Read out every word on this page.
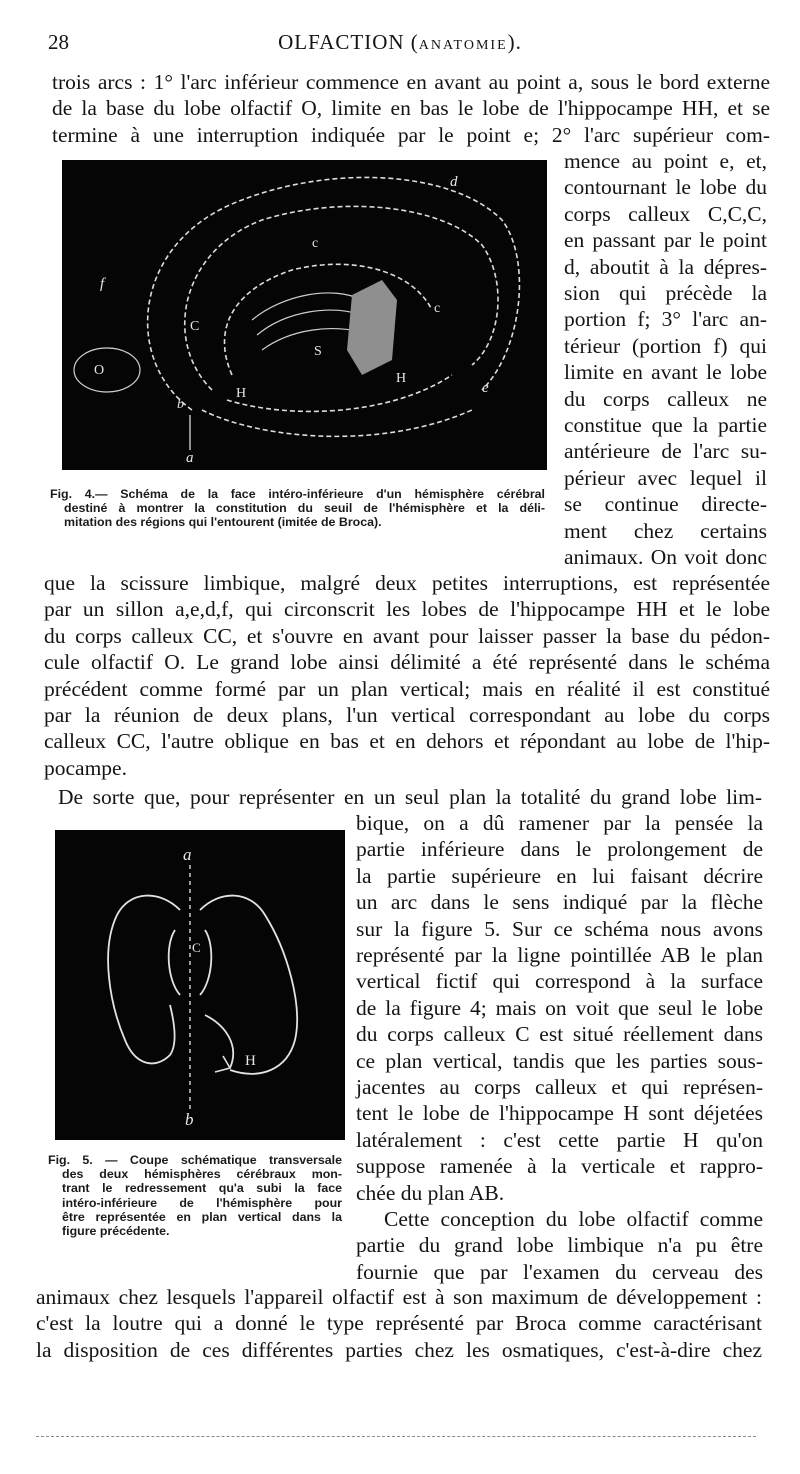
28	OLFACTION (ANATOMIE).
trois arcs : 1° l'arc inférieur commence en avant au point a, sous le bord externe
de la base du lobe olfactif O, limite en bas le lobe de l'hippocampe HH, et se
termine à une interruption indiquée par le point e; 2° l'arc supérieur com-
d
c
c
C
f
S
O
H
H
b
a
e
Fig. 4.— Schéma de la face intéro-inférieure d'un hémisphère cérébral
destiné à montrer la constitution du seuil de l'hémisphère et la déli-
mitation des régions qui l'entourent (imitée de Broca).
mence au point e, et,
contournant le lobe du
corps calleux C,C,C,
en passant par le point
d, aboutit à la dépres-
sion qui précède la
portion f; 3° l'arc an-
térieur (portion f) qui
limite en avant le lobe
du corps calleux ne
constitue que la partie
antérieure de l'arc su-
périeur avec lequel il
se continue directe-
ment chez certains
animaux. On voit donc
que la scissure limbique, malgré deux petites interruptions, est représentée
par un sillon a,e,d,f, qui circonscrit les lobes de l'hippocampe HH et le lobe
du corps calleux CC, et s'ouvre en avant pour laisser passer la base du pédon-
cule olfactif O. Le grand lobe ainsi délimité a été représenté dans le schéma
précédent comme formé par un plan vertical; mais en réalité il est constitué
par la réunion de deux plans, l'un vertical correspondant au lobe du corps
calleux CC, l'autre oblique en bas et en dehors et répondant au lobe de l'hip-
pocampe.
De sorte que, pour représenter en un seul plan la totalité du grand lobe lim-
a
C
H
b
Fig. 5. — Coupe schématique transversale
des deux hémisphères cérébraux mon-
trant le redressement qu'a subi la face
intéro-inférieure de l'hémisphère pour
être représentée en plan vertical dans la
figure précédente.
bique, on a dû ramener par la pensée la
partie inférieure dans le prolongement de
la partie supérieure en lui faisant décrire
un arc dans le sens indiqué par la flèche
sur la figure 5. Sur ce schéma nous avons
représenté par la ligne pointillée AB le plan
vertical fictif qui correspond à la surface
de la figure 4; mais on voit que seul le lobe
du corps calleux C est situé réellement dans
ce plan vertical, tandis que les parties sous-
jacentes au corps calleux et qui représen-
tent le lobe de l'hippocampe H sont déjetées
latéralement : c'est cette partie H qu'on
suppose ramenée à la verticale et rappro-
chée du plan AB.
Cette conception du lobe olfactif comme
partie du grand lobe limbique n'a pu être
fournie que par l'examen du cerveau des
animaux chez lesquels l'appareil olfactif est à son maximum de développement :
c'est la loutre qui a donné le type représenté par Broca comme caractérisant
la disposition de ces différentes parties chez les osmatiques, c'est-à-dire chez
